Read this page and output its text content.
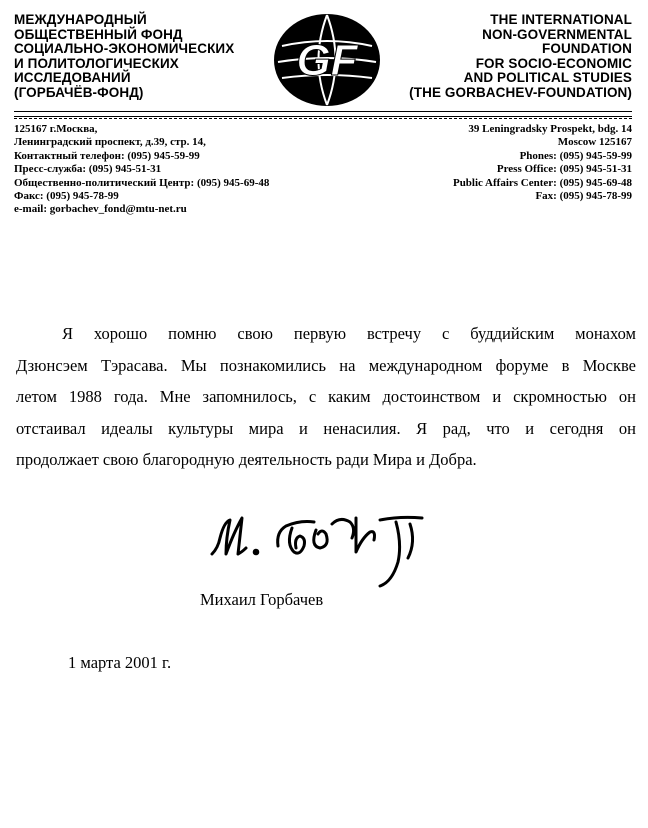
МЕЖДУНАРОДНЫЙ
ОБЩЕСТВЕННЫЙ ФОНД
СОЦИАЛЬНО-ЭКОНОМИЧЕСКИХ
И ПОЛИТОЛОГИЧЕСКИХ
ИССЛЕДОВАНИЙ
(ГОРБАЧЁВ-ФОНД)
GF
THE INTERNATIONAL
NON-GOVERNMENTAL
FOUNDATION
FOR SOCIO-ECONOMIC
AND POLITICAL STUDIES
(THE GORBACHEV-FOUNDATION)
125167 г.Москва,
Ленинградский проспект, д.39, стр. 14,
Контактный телефон: (095) 945-59-99
Пресс-служба: (095) 945-51-31
Общественно-политический Центр: (095) 945-69-48
Факс: (095) 945-78-99
e-mail: gorbachev_fond@mtu-net.ru
39 Leningradsky Prospekt, bdg. 14
Moscow 125167
Phones: (095) 945-59-99
Press Office: (095) 945-51-31
Public Affairs Center: (095) 945-69-48
Fax: (095) 945-78-99
Я хорошо помню свою первую встречу с буддийским монахом
Дзюнсэем Тэрасава. Мы познакомились на международном форуме в Москве
летом 1988 года. Мне запомнилось, с каким достоинством и скромностью он
отстаивал идеалы культуры мира и ненасилия. Я рад, что и сегодня он
продолжает свою благородную деятельность ради Мира и Добра.
Михаил Горбачев
1 марта 2001 г.
